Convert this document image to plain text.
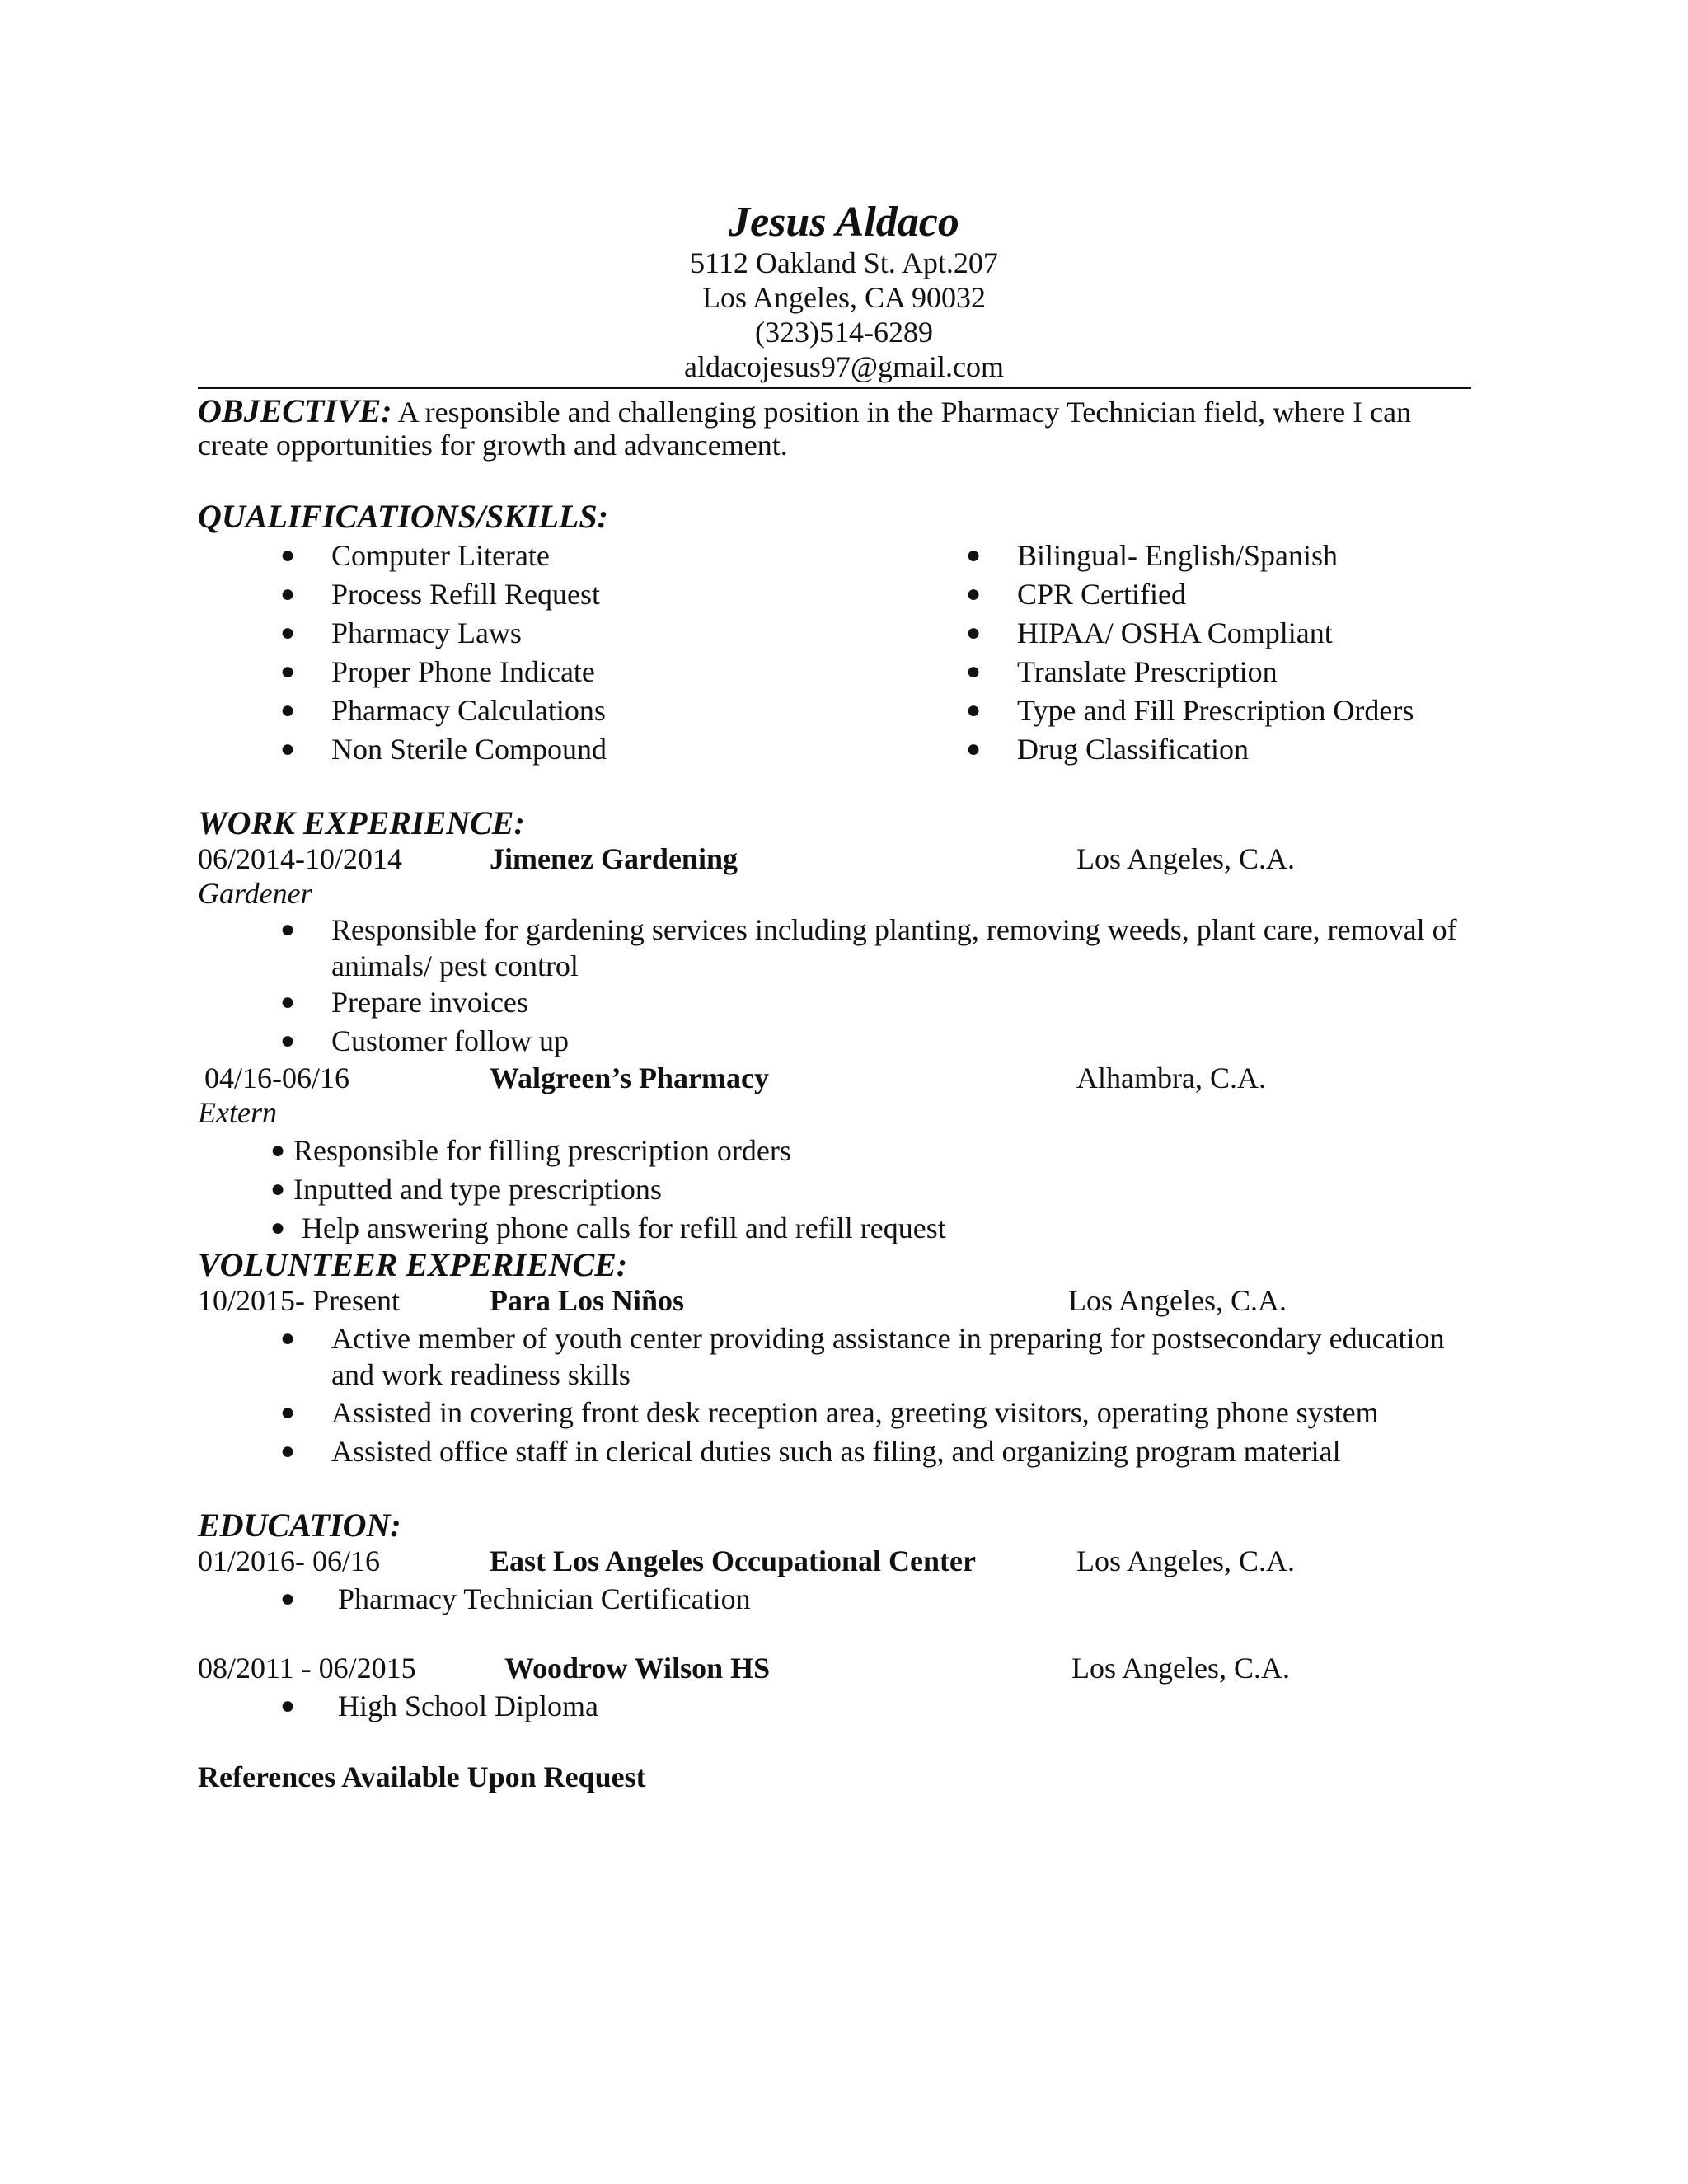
Jesus Aldaco
5112 Oakland St. Apt.207
Los Angeles, CA 90032
(323)514-6289
aldacojesus97@gmail.com
OBJECTIVE: A responsible and challenging position in the Pharmacy Technician field, where I can
create opportunities for growth and advancement.
QUALIFICATIONS/SKILLS:
● Computer Literate
● Process Refill Request
● Pharmacy Laws
● Proper Phone Indicate
● Pharmacy Calculations
● Non Sterile Compound
● Bilingual- English/Spanish
● CPR Certified
● HIPAA/ OSHA Compliant
● Translate Prescription
● Type and Fill Prescription Orders
● Drug Classification
WORK EXPERIENCE:
06/2014-10/2014	Jimenez Gardening	Los Angeles, C.A.
Gardener
● Responsible for gardening services including planting, removing weeds, plant care, removal of
animals/ pest control
● Prepare invoices
● Customer follow up
04/16-06/16	Walgreen’s Pharmacy	Alhambra, C.A.
Extern
● Responsible for filling prescription orders
● Inputted and type prescriptions
● Help answering phone calls for refill and refill request
VOLUNTEER EXPERIENCE:
10/2015- Present	Para Los Niños	Los Angeles, C.A.
● Active member of youth center providing assistance in preparing for postsecondary education
and work readiness skills
● Assisted in covering front desk reception area, greeting visitors, operating phone system
● Assisted office staff in clerical duties such as filing, and organizing program material
EDUCATION:
01/2016- 06/16	East Los Angeles Occupational Center	Los Angeles, C.A.
● Pharmacy Technician Certification
08/2011 - 06/2015	Woodrow Wilson HS	Los Angeles, C.A.
● High School Diploma
References Available Upon Request
